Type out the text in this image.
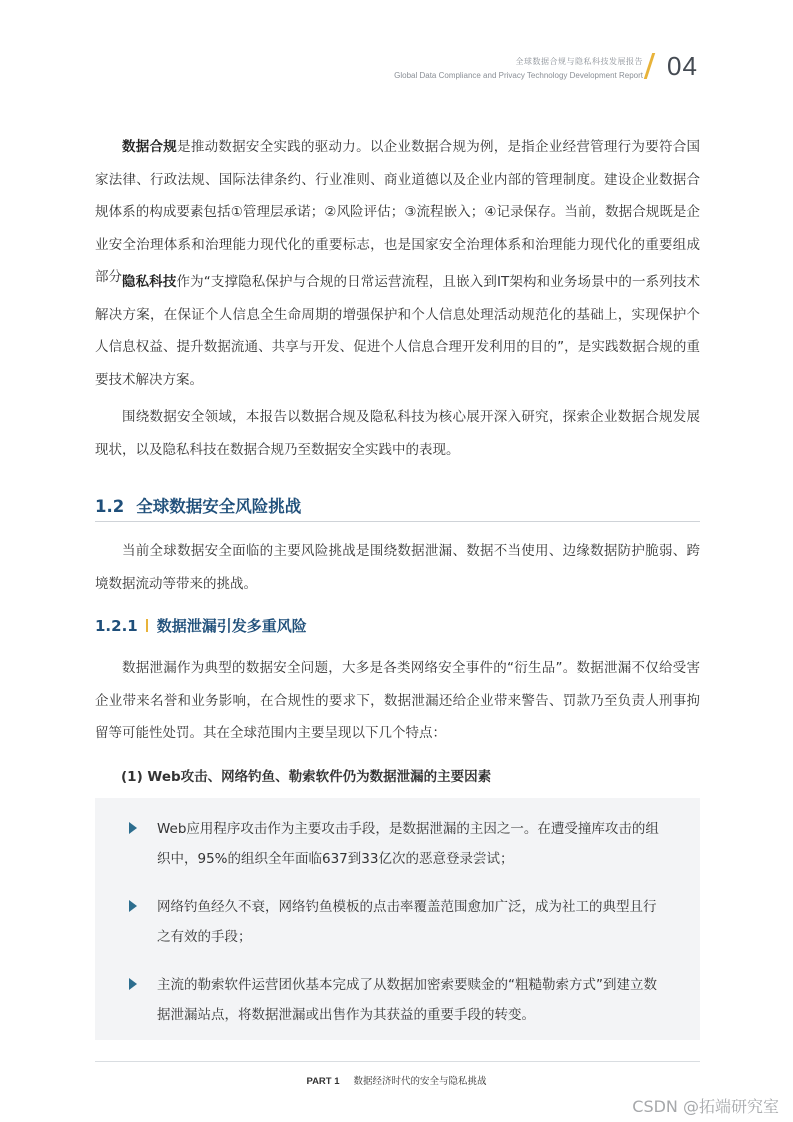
全球数据合规与隐私科技发展报告
Global Data Compliance and Privacy Technology Development Report 04

数据合规是推动数据安全实践的驱动力。以企业数据合规为例，是指企业经营管理行为要符合国家法律、行政法规、国际法律条约、行业准则、商业道德以及企业内部的管理制度。建设企业数据合规体系的构成要素包括①管理层承诺；②风险评估；③流程嵌入；④记录保存。当前，数据合规既是企业安全治理体系和治理能力现代化的重要标志，也是国家安全治理体系和治理能力现代化的重要组成部分。

隐私科技作为“支撑隐私保护与合规的日常运营流程，且嵌入到IT架构和业务场景中的一系列技术解决方案，在保证个人信息全生命周期的增强保护和个人信息处理活动规范化的基础上，实现保护个人信息权益、提升数据流通、共享与开发、促进个人信息合理开发利用的目的”，是实践数据合规的重要技术解决方案。

围绕数据安全领域，本报告以数据合规及隐私科技为核心展开深入研究，探索企业数据合规发展现状，以及隐私科技在数据合规乃至数据安全实践中的表现。

1.2 全球数据安全风险挑战

当前全球数据安全面临的主要风险挑战是围绕数据泄漏、数据不当使用、边缘数据防护脆弱、跨境数据流动等带来的挑战。

1.2.1 数据泄漏引发多重风险

数据泄漏作为典型的数据安全问题，大多是各类网络安全事件的“衍生品”。数据泄漏不仅给受害企业带来名誉和业务影响，在合规性的要求下，数据泄漏还给企业带来警告、罚款乃至负责人刑事拘留等可能性处罚。其在全球范围内主要呈现以下几个特点：

(1) Web攻击、网络钓鱼、勒索软件仍为数据泄漏的主要因素
Web应用程序攻击作为主要攻击手段，是数据泄漏的主因之一。在遭受撞库攻击的组织中，95%的组织全年面临637到33亿次的恶意登录尝试；
网络钓鱼经久不衰，网络钓鱼模板的点击率覆盖范围愈加广泛，成为社工的典型且行之有效的手段；
主流的勒索软件运营团伙基本完成了从数据加密索要赎金的“粗糙勒索方式”到建立数据泄漏站点，将数据泄漏或出售作为其获益的重要手段的转变。
PART 1 数据经济时代的安全与隐私挑战
CSDN @拓端研究室
